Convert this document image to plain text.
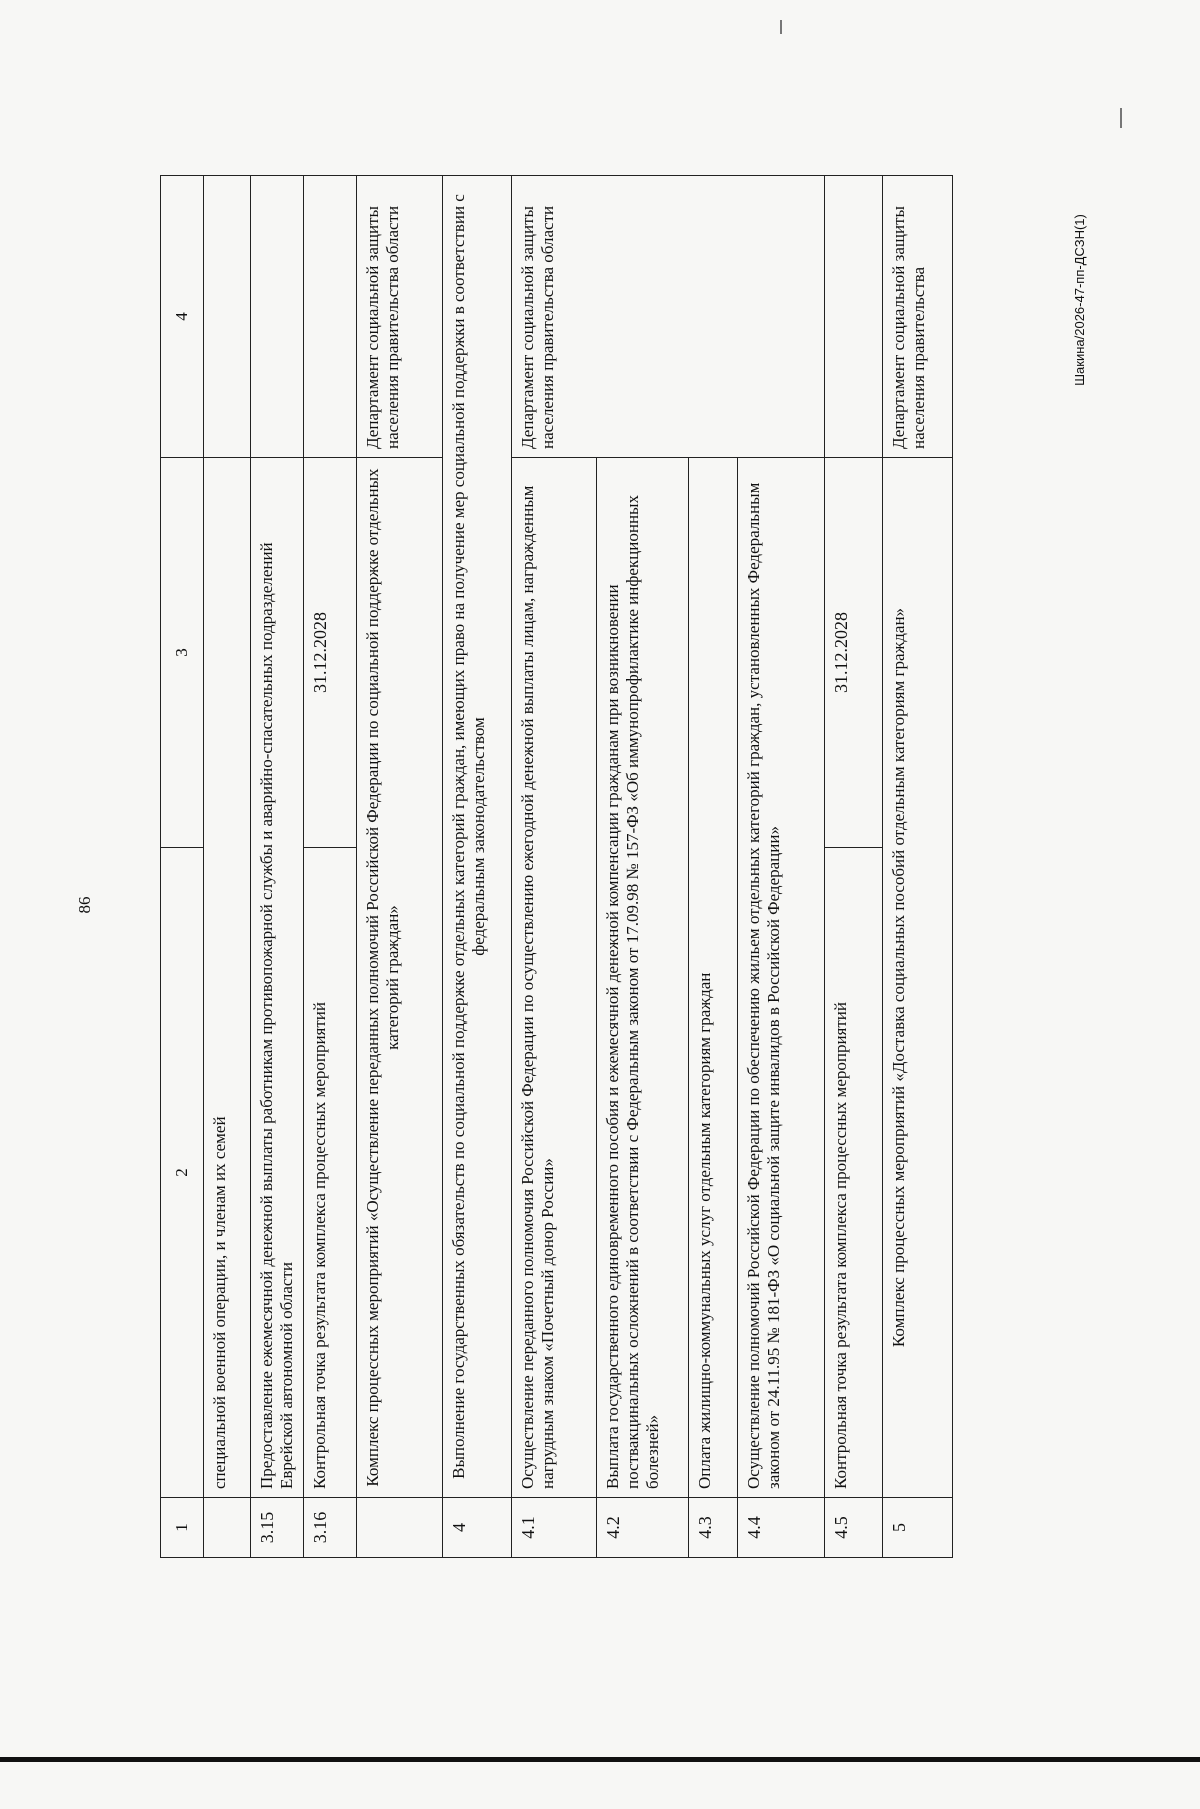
86
Шакина/2026-47-пп-ДСЗН(1)
1	2	3	4
	специальной военной операции, и членам их семей		
3.15	Предоставление ежемесячной денежной выплаты работникам противопожарной службы и аварийно-спасательных подразделений Еврейской автономной области		
3.16	Контрольная точка результата комплекса процессных мероприятий	31.12.2028	
	Комплекс процессных мероприятий «Осуществление переданных полномочий Российской Федерации по социальной поддержке отдельных категорий граждан»		Департамент социальной защиты населения правительства области
4	Выполнение государственных обязательств по социальной поддержке отдельных категорий граждан, имеющих право на получение мер социальной поддержки в соответствии с федеральным законодательством		
4.1	Осуществление переданного полномочия Российской Федерации по осуществлению ежегодной денежной выплаты лицам, награжденным нагрудным знаком «Почетный донор России»		Департамент социальной защиты населения правительства области
4.2	Выплата государственного единовременного пособия и ежемесячной денежной компенсации гражданам при возникновении поствакцинальных осложнений в соответствии с Федеральным законом от 17.09.98 № 157-ФЗ «Об иммунопрофилактике инфекционных болезней»		
4.3	Оплата жилищно-коммунальных услуг отдельным категориям граждан		
4.4	Осуществление полномочий Российской Федерации по обеспечению жильем отдельных категорий граждан, установленных Федеральным законом от 24.11.95 № 181-ФЗ «О социальной защите инвалидов в Российской Федерации»		
4.5	Контрольная точка результата комплекса процессных мероприятий	31.12.2028	
5	Комплекс процессных мероприятий «Доставка социальных пособий отдельным категориям граждан»		Департамент социальной защиты населения правительства
